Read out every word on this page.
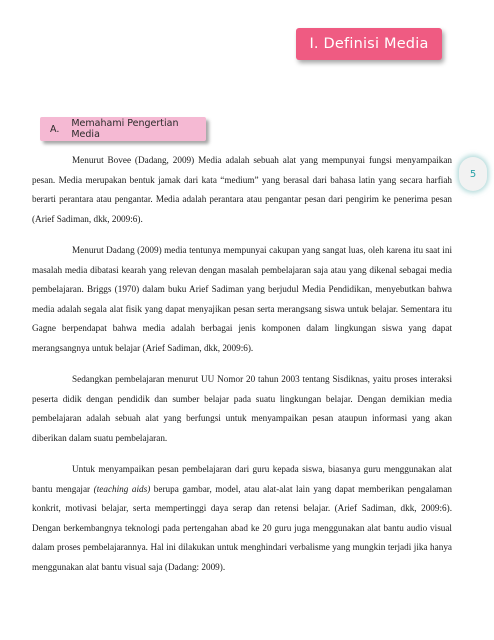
I. Definisi Media
A. Memahami Pengertian Media
5

Menurut Bovee (Dadang, 2009) Media adalah sebuah alat yang mempunyai fungsi menyampaikan pesan. Media merupakan bentuk jamak dari kata “medium” yang berasal dari bahasa latin yang secara harfiah berarti perantara atau pengantar. Media adalah perantara atau pengantar pesan dari pengirim ke penerima pesan (Arief Sadiman, dkk, 2009:6).

Menurut Dadang (2009) media tentunya mempunyai cakupan yang sangat luas, oleh karena itu saat ini masalah media dibatasi kearah yang relevan dengan masalah pembelajaran saja atau yang dikenal sebagai media pembelajaran. Briggs (1970) dalam buku Arief Sadiman yang berjudul Media Pendidikan, menyebutkan bahwa media adalah segala alat fisik yang dapat menyajikan pesan serta merangsang siswa untuk belajar. Sementara itu Gagne berpendapat bahwa media adalah berbagai jenis komponen dalam lingkungan siswa yang dapat merangsangnya untuk belajar (Arief Sadiman, dkk, 2009:6).

Sedangkan pembelajaran menurut UU Nomor 20 tahun 2003 tentang Sisdiknas, yaitu proses interaksi peserta didik dengan pendidik dan sumber belajar pada suatu lingkungan belajar. Dengan demikian media pembelajaran adalah sebuah alat yang berfungsi untuk menyampaikan pesan ataupun informasi yang akan diberikan dalam suatu pembelajaran.

Untuk menyampaikan pesan pembelajaran dari guru kepada siswa, biasanya guru menggunakan alat bantu mengajar (teaching aids) berupa gambar, model, atau alat-alat lain yang dapat memberikan pengalaman konkrit, motivasi belajar, serta mempertinggi daya serap dan retensi belajar. (Arief Sadiman, dkk, 2009:6). Dengan berkembangnya teknologi pada pertengahan abad ke 20 guru juga menggunakan alat bantu audio visual dalam proses pembelajarannya. Hal ini dilakukan untuk menghindari verbalisme yang mungkin terjadi jika hanya menggunakan alat bantu visual saja (Dadang: 2009).
